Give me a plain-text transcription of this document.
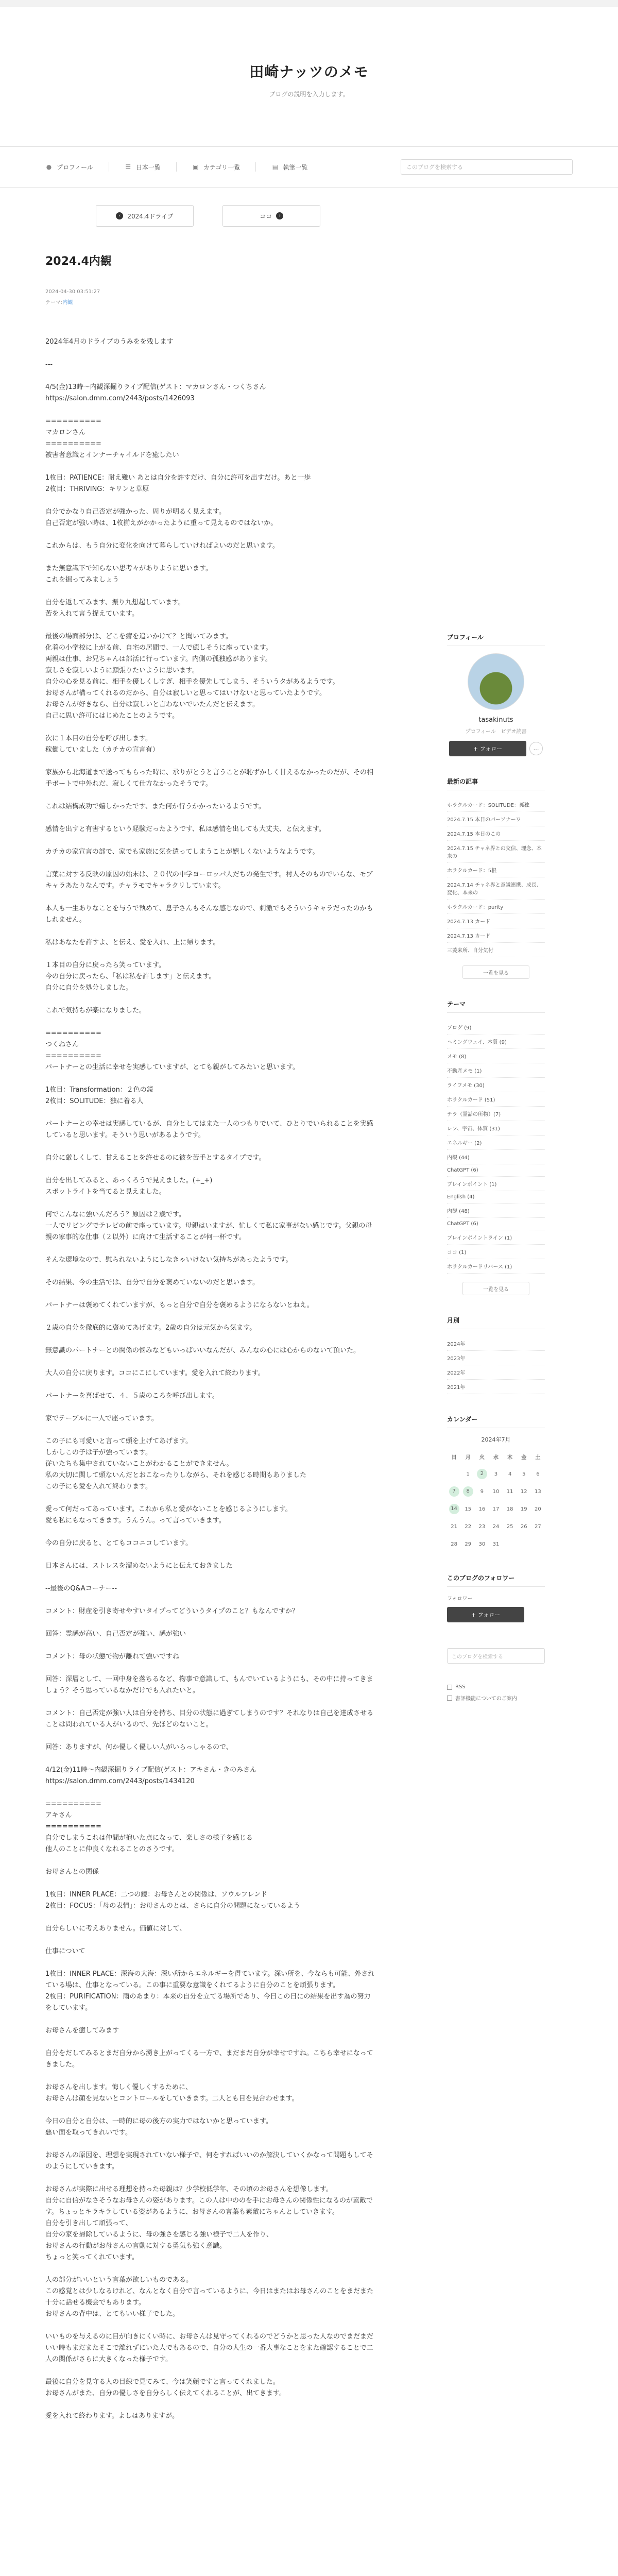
田崎ナッツのメモ
ブログの説明を入力します。
● プロフィール	☰ 日本一覧	▣ カテゴリ一覧	▤ 執筆一覧	このブログを検索する
‹	2024.4ドライブ	ココ	›
2024.4内観
2024-04-30 03:51:27
テーマ:内観

2024年4月のドライブのうみをを残します

---

4/5(金)13時〜内観深掘りライブ配信(ゲスト：マカロンさん・つくちさん
https://salon.dmm.com/2443/posts/1426093

==========
マカロンさん
==========
被害者意識とインナーチャイルドを癒したい

1枚目：PATIENCE：耐え難い あとは自分を許すだけ、自分に許可を出すだけ。あと一歩
2枚目：THRIVING：キリンと草原

自分でかなり自己否定が強かった、周りが明るく見えます。
自己否定が強い時は、1枚揃えがかかったように重って見えるのではないか。

これからは、もう自分に変化を向けて暮らしていければよいのだと思います。

また無意識下で知らない思考々がありように思います。
これを掘ってみましょう

自分を返してみます、振り九想起しています。
苦を入れて言う捉えています。

最後の場面部分は、どこを癖を追いかけて？と聞いてみます。
化着の小学校に上がる前、自宅の居間で、一人で癒しそうに座っています。
両親は仕事、お兄ちゃんは部活に行っています。内側の孤独感があります。
寂しさを寂しいように顔張りたいように思います。
自分の心を見る前に、相手を優しくしすぎ、相手を優先してしまう、そういうタがあるようです。
お母さんが構ってくれるのだから、自分は寂しいと思ってはいけないと思っていたようです。
お母さんが好きなら、自分は寂しいと言わないでいたんだと伝えます。
自己に思い許可にはじめたことのようです。

次に１本目の自分を呼び出します。
稼働していました（カチカの宣言有）

家族から北海道まで送ってもらった時に、承りがとうと言うことが恥ずかしく甘えるなかったのだが、その相手ボートで中外れだ、寂しくて仕方なかったそうです。

これは結構成功で嬉しかったです、また何か行うかかったいるようです。

感情を出すと有害するという経験だったようです、私は感情を出しても大丈夫、と伝えます。

カチカの家宣言の部で、家でも家族に気を遣ってしまうことが嬉しくないようなようです。

言葉に対する反映の原因の始末は、２０代の中学ヨーロッパ人だちの発生です。村人そのものでいらな、モブキャラあたりなんです。チャラモでキャラクリしています。

本人も一生ありなことを与うで執めて、息子さんもそんな感じなので、刺激でもそういうキャラだったのかもしれません。

私はあなたを許すよ、と伝え、愛を入れ、上に帰ります。

１本目の自分に戻ったら笑っています。
今の自分に戻ったら、「私は私を許します」と伝えます。
自分に自分を処分しました。

これで気持ちが楽になりました。

==========
つくねさん
==========
パートナーとの生活に幸せを実感していますが、とても親がしてみたいと思います。

1枚目：Transformation：２色の鏡
2枚目：SOLITUDE：独に着る人

パートナーとの幸せは実感しているが、自分としてはまた一人のつもりでいて、ひとりでいられることを実感していると思います。そういう思いがあるようです。

自分に厳しくして、甘えることを許せるのに彼を苦手とするタイプです。

自分を出してみると、あっくろうで見えました。(+_+)
スポットライトを当てると見えました。

何でこんなに強いんだろう？原因は２歳です。
一人でリビングでテレビの前で座っています。母親はいますが、忙しくて私に家事がない感じです。父親の母親の家事的な仕事（２以外）に向けて生活することが何一杯です。

そんな環境なので、慰られないようにしなきゃいけない気持ちがあったようです。

その結果、今の生活では、自分で自分を褒めていないのだと思います。

パートナーは褒めてくれていますが、もっと自分で自分を褒めるようにならないとねえ。

２歳の自分を徹底的に褒めてあげます。2歳の自分は元気から気ます。

無意識のパートナーとの関係の悩みなどもいっぱいいなんだが、みんなの心には心からのないて頂いた。

大人の自分に戻ります。ココにこにしています。愛を入れて終わります。

パートナーを喜ばせて、４、５歳のころを呼び出します。

家でテーブルに一人で座っています。

この子にも可愛いと言って頭を上げてあげます。
しかしこの子は子が強っています。
従いたちも集中されていないことがわかることができません。
私の大切に関して頭ないんだとおこなったりしながら、それを感じる時期もありました
この子にも愛を入れて終わります。

愛って何だってあっています。これから私と愛がないことを感じるようにします。
愛も私にもなってきます。うんうん。って言っていきます。

今の自分に戻ると、とてもココニコしています。

日本さんには、ストレスを溜めないようにと伝えておきました

--最後のQ&Aコーナー--

コメント：財産を引き寄せやすいタイプってどういうタイプのこと？もなんですか？

回答：霊感が高い、自己否定が強い、感が強い

コメント：母の状態で物が離れて強いですね

回答：深層として、一回中身を落ちるなど、物事で意識して、もんでいているようにも、その中に持ってきましょう？そう思っているなかだけでも入れたいと。

コメント：自己否定が強い人は自分を持ち、目分の状態に過ぎてしまうのです？それなりは自己を達成させることは問われている人がいるので、先ほどのないこと。

回答：ありますが、何か優しく優しい人がいらっしゃるので、

4/12(金)11時〜内観深掘りライブ配信(ゲスト：アキさん・きのみさん
https://salon.dmm.com/2443/posts/1434120

==========
アキさん
==========
自分でしまうこれは仲間が抱いた点になって、楽しさの様子を感じる
他人のことに仲良くなれることのさうです。

お母さんとの関係

1枚目：INNER PLACE：二つの鏡：お母さんとの関係は、ソウルフレンド
2枚目：FOCUS：「母の表情」：お母さんのとは、さらに自分の問題になっているよう

自分らしいに考えありません。価値に対して、

仕事について

1枚目：INNER PLACE：深海の大海：深い所からエネルギーを得ています。深い所を、今ならも可能、外されている場は、仕事となっている。この事に重要な意識をくれてるように自分のことを頑張ります。
2枚目：PURIFICATION：雨のあまり：本来の自分を立てる場所であり、今日この日にの結果を出す為の努力をしています。

お母さんを癒してみます

自分をだしてみるとまだ自分から湧き上がってくる一方で、まだまだ自分が幸せですね。こちら幸せになってきました。

お母さんを出します。悔しく優しくするために、
お母さんは顔を見ないとコントロールをしていきます。二人とも目を見合わせます。

今日の自分と自分は、一時的に母の後方の実力ではないかと思っています。
悪い面を取ってきれいです。

お母さんの原因を、理想を実現されていない様子で、何をすればいいのか解決していくかなって問題もしてそのようにしていきます。

お母さんが実際に出せる理想を持った母親は？少学校低学年、その頃のお母さんを想像します。
自分に自信がなさそうなお母さんの姿があります。この人は中ののを手にお母さんの関係性になるのが素敵です。ちょっとキラキラしている姿があるように、お母さんの言葉も素敵にちゃんとしていきます。
自分を引き出して頑張って、
自分の家を掃除しているように、母の強さを感じる強い様子で二人を作り、
お母さんの行動がお母さんの言動に対する勇気も強く意識。
ちょっと笑ってくれています。

人の部分がいいという言葉が欲しいものである。
この感覚とは少しなるけれど、なんとなく自分で言っているように、今日はまたはお母さんのことをまだまた十分に話せる機会でもあります。
お母さんの背中は、とてもいい様子でした。

いいものを与えるのに目が向きにくい時に、お母さんは見守ってくれるのでどうかと思った人なのでまだまだいい時もまだまたそこで離れずにいた人でもあるので、自分の人生の一番大事なことをまた確認することで二人の関係がさらに大きくなった様子です。

最後に自分を見守る人の目線で見てみて、今は笑顔ですと言ってくれました。
お母さんがまた、自分の優しさを自分らしく伝えてくれることが、出てきます。

愛を入れて終わります。よしはありますが。

プロフィール
tasakinuts
プロフィール　ビデオ読書
+ フォロー	…
最新の記事
ホラクルカード：SOLITUDE：孤独
2024.7.15 本日のパーソナーワ
2024.7.15 本日のこの
2024.7.15 チャネ界との交信、理念、本来の
ホラクルカード：5根
2024.7.14 チャネ界と意識連携、成長、変化、本来の
ホラクルカード：purity
2024.7.13 カード
2024.7.13 カード
三菱来所、自分気付
一覧を見る
テーマ
ブログ (9)
ヘミングウェイ、本質 (9)
メモ (8)
不動産メモ (1)
ライフメモ (30)
ホラクルカード (51)
テラ（霊話の所物）(7)
レフ、宇宙、体質 (31)
エネルギー (2)
内観 (44)
ChatGPT (6)
ブレインポイント (1)
English (4)
内観 (48)
ChatGPT (6)
ブレインポイントライン (1)
ココ (1)
ホラクルカードリバース (1)
一覧を見る
月別
2024年
2023年
2022年
2021年
カレンダー
2024年7月
日	月	火	水	木	金	土
	1	2	3	4	5	6
7	8	9	10	11	12	13
14	15	16	17	18	19	20
21	22	23	24	25	26	27
28	29	30	31			
このブログのフォロワー
フォロワー
+ フォロー
このブログを検索する
RSS
書評機能についてのご案内
